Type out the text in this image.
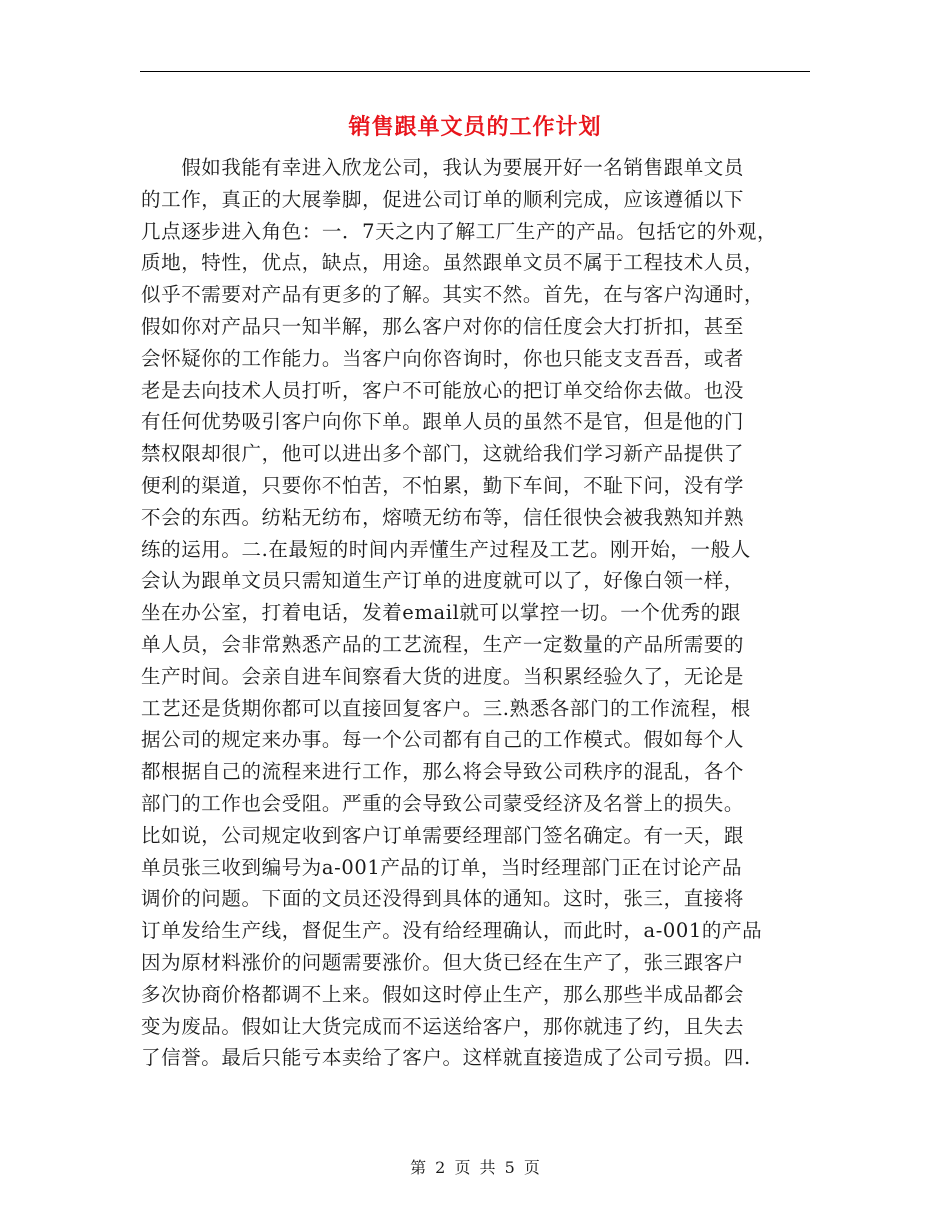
销售跟单文员的工作计划
　　假如我能有幸进入欣龙公司，我认为要展开好一名销售跟单文员
的工作，真正的大展拳脚，促进公司订单的顺利完成，应该遵循以下
几点逐步进入角色：一．7天之内了解工厂生产的产品。包括它的外观，
质地，特性，优点，缺点，用途。虽然跟单文员不属于工程技术人员，
似乎不需要对产品有更多的了解。其实不然。首先，在与客户沟通时，
假如你对产品只一知半解，那么客户对你的信任度会大打折扣，甚至
会怀疑你的工作能力。当客户向你咨询时，你也只能支支吾吾，或者
老是去向技术人员打听，客户不可能放心的把订单交给你去做。也没
有任何优势吸引客户向你下单。跟单人员的虽然不是官，但是他的门
禁权限却很广，他可以进出多个部门，这就给我们学习新产品提供了
便利的渠道，只要你不怕苦，不怕累，勤下车间，不耻下问，没有学
不会的东西。纺粘无纺布，熔喷无纺布等，信任很快会被我熟知并熟
练的运用。二.在最短的时间内弄懂生产过程及工艺。刚开始，一般人
会认为跟单文员只需知道生产订单的进度就可以了，好像白领一样，
坐在办公室，打着电话，发着email就可以掌控一切。一个优秀的跟
单人员，会非常熟悉产品的工艺流程，生产一定数量的产品所需要的
生产时间。会亲自进车间察看大货的进度。当积累经验久了，无论是
工艺还是货期你都可以直接回复客户。三.熟悉各部门的工作流程，根
据公司的规定来办事。每一个公司都有自己的工作模式。假如每个人
都根据自己的流程来进行工作，那么将会导致公司秩序的混乱，各个
部门的工作也会受阻。严重的会导致公司蒙受经济及名誉上的损失。
比如说，公司规定收到客户订单需要经理部门签名确定。有一天，跟
单员张三收到编号为a-001产品的订单，当时经理部门正在讨论产品
调价的问题。下面的文员还没得到具体的通知。这时，张三，直接将
订单发给生产线，督促生产。没有给经理确认，而此时，a-001的产品
因为原材料涨价的问题需要涨价。但大货已经在生产了，张三跟客户
多次协商价格都调不上来。假如这时停止生产，那么那些半成品都会
变为废品。假如让大货完成而不运送给客户，那你就违了约，且失去
了信誉。最后只能亏本卖给了客户。这样就直接造成了公司亏损。四.
第 2 页 共 5 页
